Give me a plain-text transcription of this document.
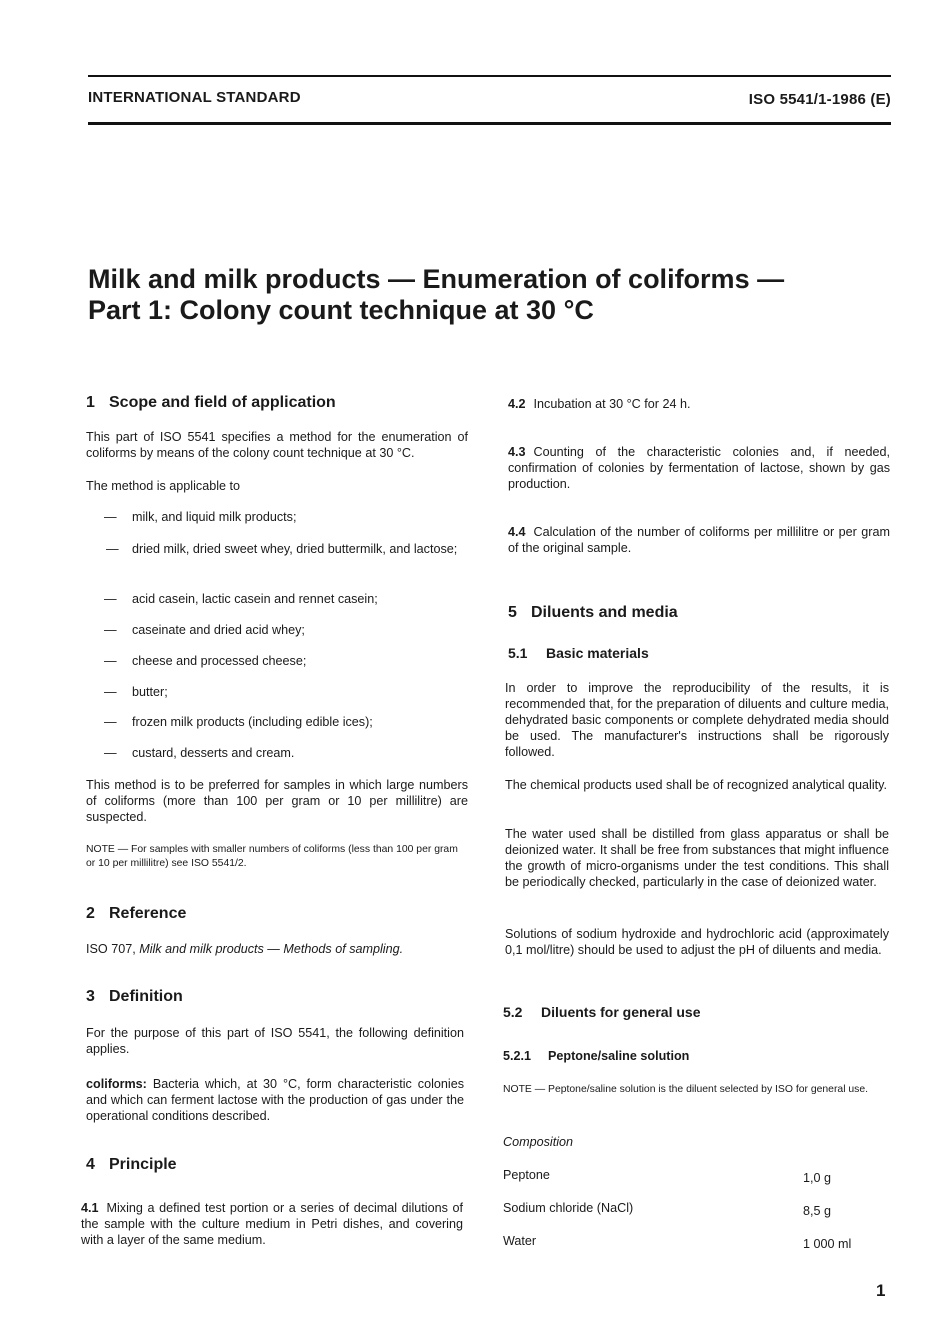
INTERNATIONAL STANDARD	ISO 5541/1-1986 (E)
Milk and milk products — Enumeration of coliforms —
Part 1: Colony count technique at 30 °C
1 Scope and field of application
This part of ISO 5541 specifies a method for the enumeration of coliforms by means of the colony count technique at 30 °C.
The method is applicable to
— milk, and liquid milk products;
— dried milk, dried sweet whey, dried buttermilk, and lactose;
— acid casein, lactic casein and rennet casein;
— caseinate and dried acid whey;
— cheese and processed cheese;
— butter;
— frozen milk products (including edible ices);
— custard, desserts and cream.
This method is to be preferred for samples in which large numbers of coliforms (more than 100 per gram or 10 per millilitre) are suspected.
NOTE — For samples with smaller numbers of coliforms (less than 100 per gram or 10 per millilitre) see ISO 5541/2.
2 Reference
ISO 707, Milk and milk products — Methods of sampling.
3 Definition
For the purpose of this part of ISO 5541, the following definition applies.
coliforms: Bacteria which, at 30 °C, form characteristic colonies and which can ferment lactose with the production of gas under the operational conditions described.
4 Principle
4.1 Mixing a defined test portion or a series of decimal dilutions of the sample with the culture medium in Petri dishes, and covering with a layer of the same medium.
4.2 Incubation at 30 °C for 24 h.
4.3 Counting of the characteristic colonies and, if needed, confirmation of colonies by fermentation of lactose, shown by gas production.
4.4 Calculation of the number of coliforms per millilitre or per gram of the original sample.
5 Diluents and media
5.1 Basic materials
In order to improve the reproducibility of the results, it is recommended that, for the preparation of diluents and culture media, dehydrated basic components or complete dehydrated media should be used. The manufacturer's instructions shall be rigorously followed.
The chemical products used shall be of recognized analytical quality.
The water used shall be distilled from glass apparatus or shall be deionized water. It shall be free from substances that might influence the growth of micro-organisms under the test conditions. This shall be periodically checked, particularly in the case of deionized water.
Solutions of sodium hydroxide and hydrochloric acid (approximately 0,1 mol/litre) should be used to adjust the pH of diluents and media.
5.2 Diluents for general use
5.2.1 Peptone/saline solution
NOTE — Peptone/saline solution is the diluent selected by ISO for general use.
Composition
Peptone	1,0 g
Sodium chloride (NaCl)	8,5 g
Water	1 000 ml
1
